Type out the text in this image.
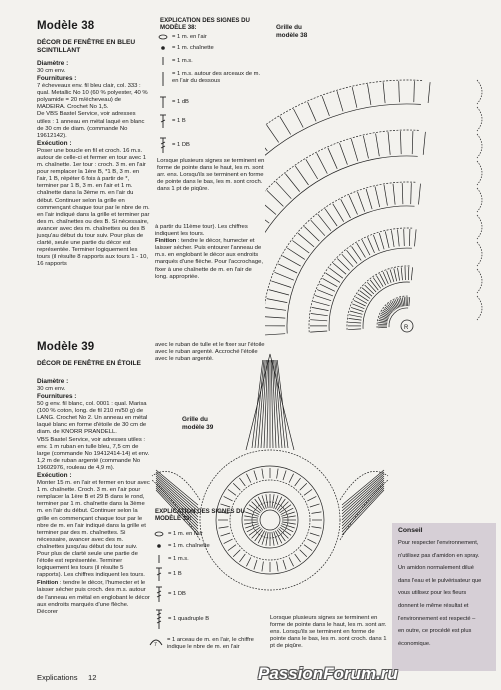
Modèle 38
DÉCOR DE FENÊTRE EN BLEU SCINTILLANT
Diamètre :
30 cm env.
Fournitures :
7 écheveaux env. fil bleu clair, col. 333 : qual. Metallic No 10 (60 % polyester, 40 % polyamide = 20 m/écheveau) de MADEIRA. Crochet No 1,5.
De VBS Bastel Service, voir adresses utiles : 1 anneau en métal laqué en blanc de 30 cm de diam. (commande No 19612142).
Exécution :
Poser une boucle en fil et croch. 16 m.s. autour de celle-ci et fermer en tour avec 1 m. chaînette. 1er tour : croch. 3 m. en l'air pour remplacer la 1ère B, *1 B, 3 m. en l'air, 1 B, répéter 6 fois à partir de *, terminer par 1 B, 3 m. en l'air et 1 m. chaînette dans la 3ème m. en l'air du début. Continuer selon la grille en commençant chaque tour par le nbre de m. en l'air indiqué dans la grille et terminer par des m. chaînettes ou des B. Si nécessaire, avancer avec des m. chaînettes ou des B jusqu'au début du tour suiv. Pour plus de clarté, seule une partie du décor est représentée. Terminer logiquement les tours (il résulte 8 rapports aux tours 1 - 10, 16 rapports
EXPLICATION DES SIGNES DU MODÈLE 38:
= 1 m. en l'air
= 1 m. chaînette
= 1 m.s.
= 1 m.s. autour des arceaux de m. en l'air du dessous
= 1 dB
= 1 B
= 1 DB
Lorsque plusieurs signes se terminent en forme de pointe dans le haut, les m. sont arr. ens. Lorsqu'ils se terminent en forme de pointe dans le bas, les m. sont croch. dans 1 pt de piqûre.
à partir du 11ème tour). Les chiffres indiquent les tours.
Finition : tendre le décor, humecter et laisser sécher. Puis entourer l'anneau de m.s. en englobant le décor aux endroits marqués d'une flèche. Pour l'accrochage, fixer à une chaînette de m. en l'air de long. appropriée.
Grille du modèle 38
R
Modèle 39
DÉCOR DE FENÊTRE EN ÉTOILE
Diamètre :
30 cm env.
Fournitures :
50 g env. fil blanc, col. 0001 : qual. Marisa (100 % coton, long. de fil 210 m/50 g) de LANG. Crochet No 2. Un anneau en métal laqué blanc en forme d'étoile de 30 cm de diam. de KNORR PRANDELL.
VBS Bastel Service, voir adresses utiles : env. 1 m ruban en tulle bleu, 7,5 cm de large (commande No 19412414-14) et env. 1,2 m de ruban argenté (commande No 19602976, rouleau de 4,9 m).
Exécution :
Monter 15 m. en l'air et fermer en tour avec 1 m. chaînette. Croch. 3 m. en l'air pour remplacer la 1ère B et 29 B dans le rond, terminer par 1 m. chaînette dans la 3ème m. en l'air du début. Continuer selon la grille en commençant chaque tour par le nbre de m. en l'air indiqué dans la grille et terminer par des m. chaînettes. Si nécessaire, avancer avec des m. chaînettes jusqu'au début du tour suiv. Pour plus de clarté seule une partie de l'étoile est représentée. Terminer logiquement les tours (il résulte 5 rapports). Les chiffres indiquent les tours.
Finition : tendre le décor, l'humecter et le laisser sécher puis croch. des m.s. autour de l'anneau en métal en englobant le décor aux endroits marqués d'une flèche. Décorer
avec le ruban de tulle et le fixer sur l'étoile avec le ruban argenté. Accroché l'étoile avec le ruban argenté.
Grille du modèle 39
EXPLICATION DES SIGNES DU MODÈLE 39:
= 1 m. en l'air
= 1 m. chaînette
= 1 m.s.
= 1 B
= 1 DB
= 1 quadruple B
7
= 1 arceau de m. en l'air, le chiffre indique le nbre de m. en l'air
Lorsque plusieurs signes se terminent en forme de pointe dans le haut, les m. sont arr. ens. Lorsqu'ils se terminent en forme de pointe dans le bas, les m. sont croch. dans 1 pt de piqûre.
Conseil
Pour respecter l'environnement,
n'utilisez pas d'amidon en spray.
Un amidon normalement dilué
dans l'eau et le pulvérisateur que
vous utilisez pour les fleurs
donnent le même résultat et
l'environnement est respecté –
en outre, ce procédé est plus
économique.
Explications 12	PassionForum.ru
